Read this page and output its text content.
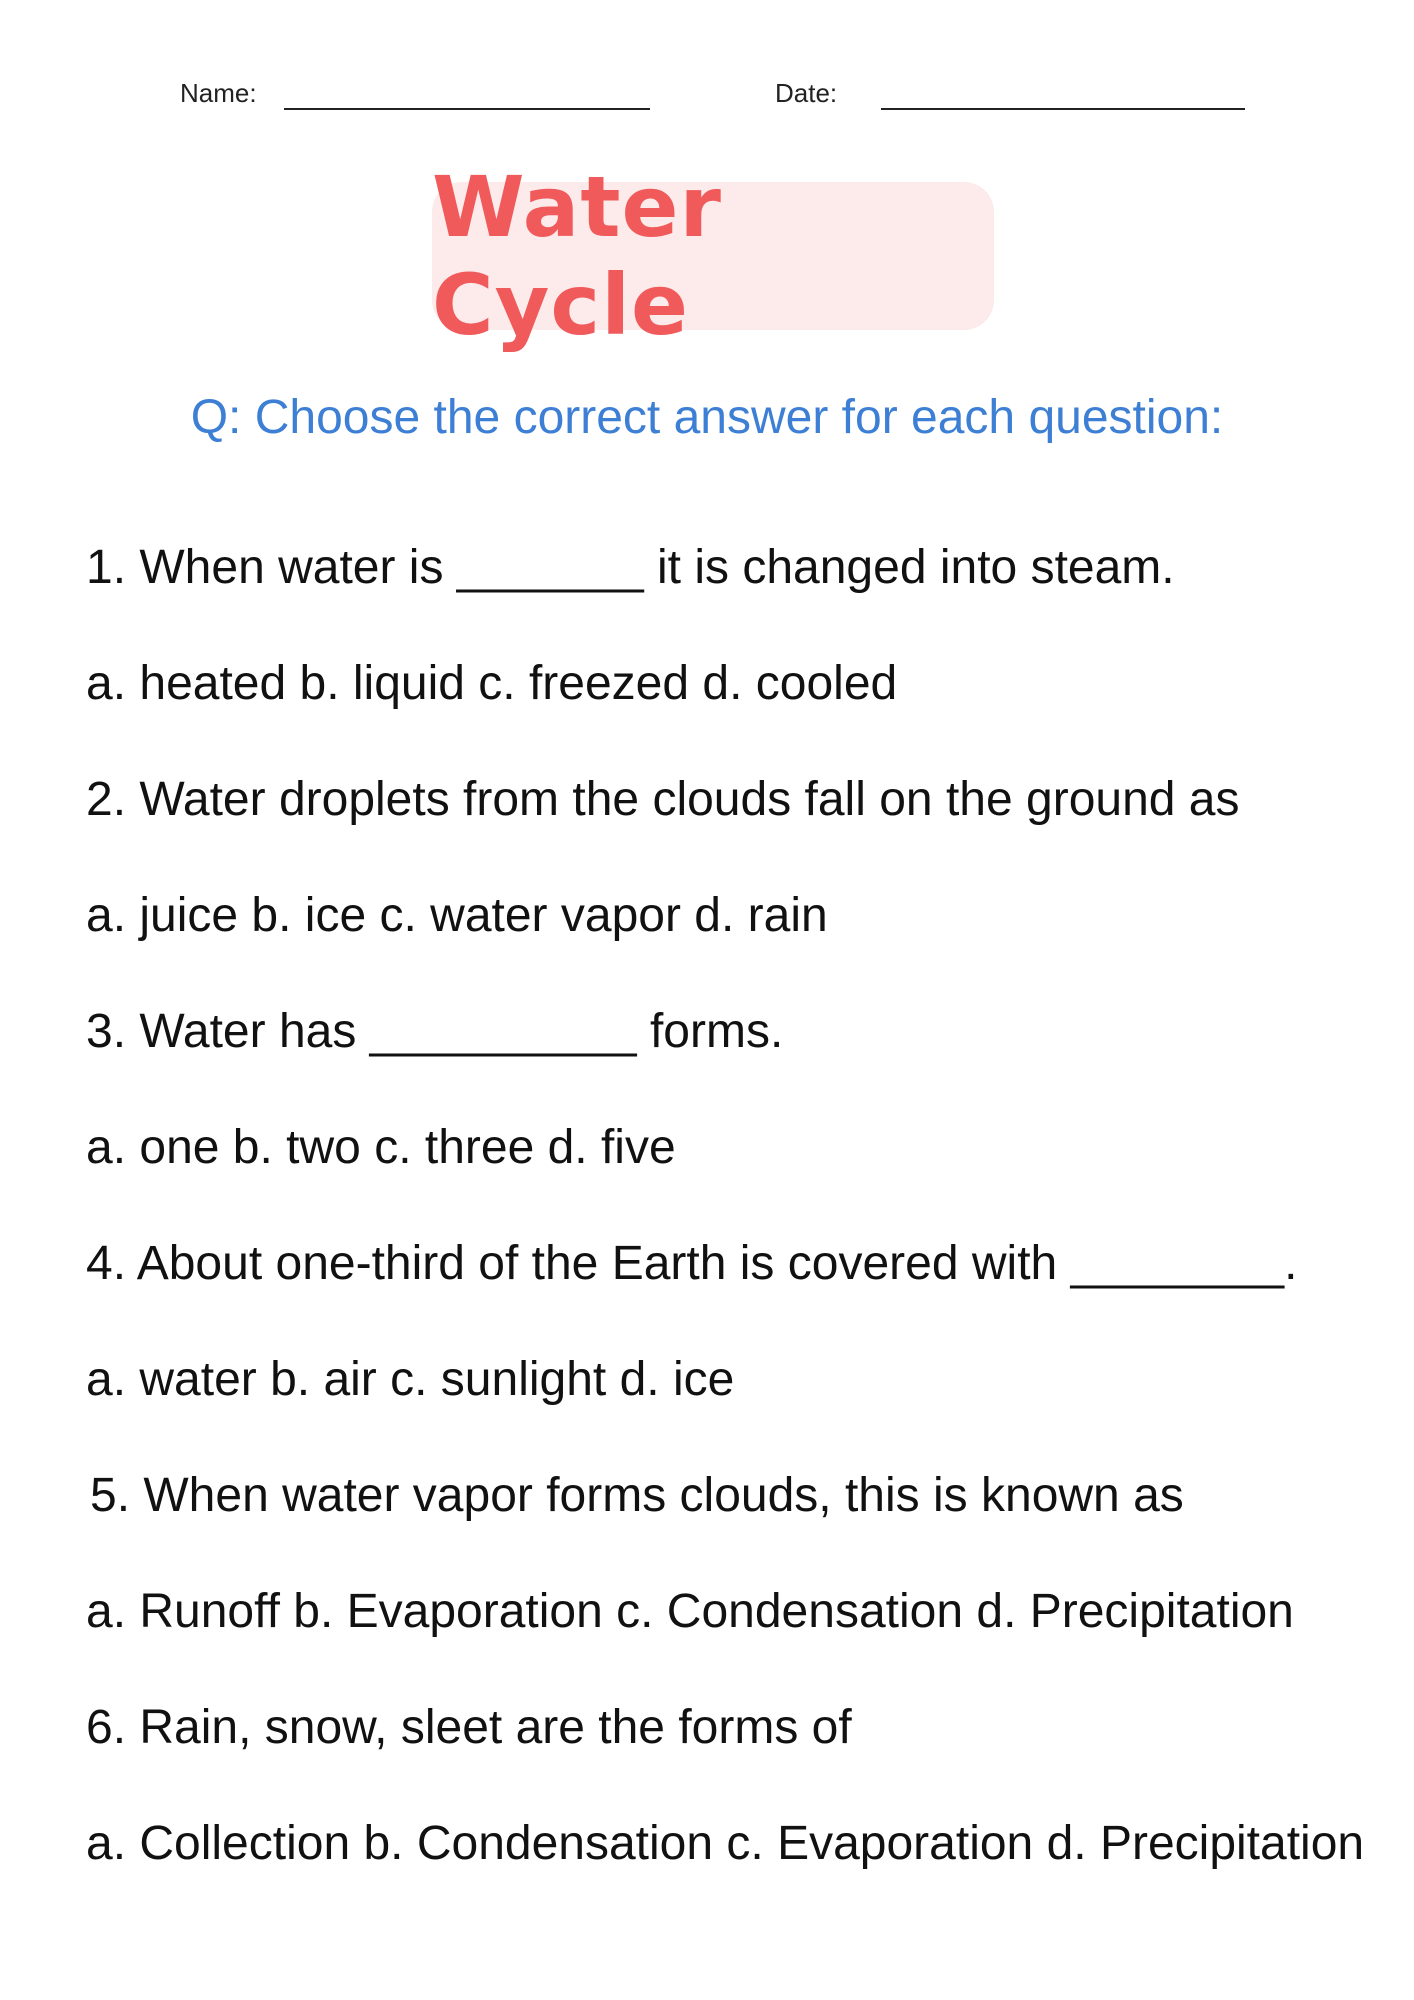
Name:	Date:
Water Cycle
Q: Choose the correct answer for each question:
1. When water is _______ it is changed into steam.
a. heated b. liquid c. freezed d. cooled
2. Water droplets from the clouds fall on the ground as
a. juice b. ice c. water vapor d. rain
3. Water has __________ forms.
a. one b. two c. three d. five
4. About one-third of the Earth is covered with ________.
a. water b. air c. sunlight d. ice
5. When water vapor forms clouds, this is known as
a. Runoff b. Evaporation c. Condensation d. Precipitation
6. Rain, snow, sleet are the forms of
a. Collection b. Condensation c. Evaporation d. Precipitation
